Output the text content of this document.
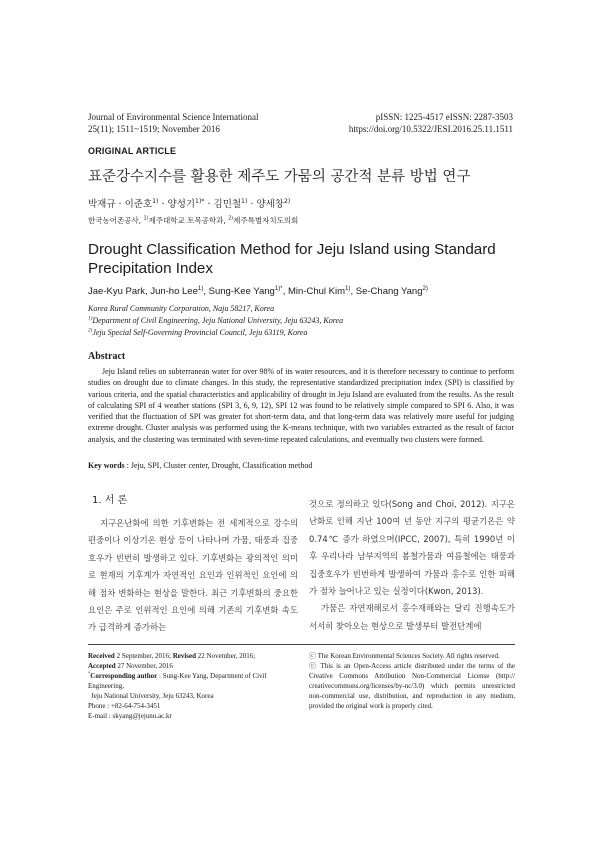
Journal of Environmental Science International
25(11); 1511~1519; November 2016
pISSN: 1225-4517 eISSN: 2287-3503
https://doi.org/10.5322/JESI.2016.25.11.1511
ORIGINAL ARTICLE
표준강수지수를 활용한 제주도 가뭄의 공간적 분류 방법 연구
박재규 · 이준호$^{1)}$ · 양성기$^{1)*}$ · 김민철$^{1)}$ · 양세창$^{2)}$
한국농어촌공사, $^{1)}$제주대학교 토목공학과, $^{2)}$제주특별자치도의회
Drought Classification Method for Jeju Island using Standard Precipitation Index
Jae-Kyu Park, Jun-ho Lee$^{1)}$, Sung-Kee Yang$^{1)*}$, Min-Chul Kim$^{1)}$, Se-Chang Yang$^{2)}$
Korea Rural Community Corporation, Naju 58217, Korea
$^{1)}$Department of Civil Engineering, Jeju National University, Jeju 63243, Korea
$^{2)}$Jeju Special Self-Governing Provincial Council, Jeju 63119, Korea
Abstract
Jeju Island relies on subterranean water for over 98% of its water resources, and it is therefore necessary to continue to perform studies on drought due to climate changes. In this study, the representative standardized precipitation index (SPI) is classified by various criteria, and the spatial characteristics and applicability of drought in Jeju Island are evaluated from the results. As the result of calculating SPI of 4 weather stations (SPI 3, 6, 9, 12), SPI 12 was found to be relatively simple compared to SPI 6. Also, it was verified that the fluctuation of SPI was greater fot short-term data, and that long-term data was relatively more useful for judging extreme drought. Cluster analysis was performed using the K-means technique, with two variables extracted as the result of factor analysis, and the clustering was terminated with seven-time repeated calculations, and eventually two clusters were formed.
Key words : Jeju, SPI, Cluster center, Drought, Classification method
1. 서 론
지구온난화에 의한 기후변화는 전 세계적으로 강수의 편중이나 이상기온 현상 등이 나타나며 가뭄, 태풍과 집중호우가 빈번히 발생하고 있다. 기후변화는 광의적인 의미로 현재의 기후계가 자연적인 요인과 인위적인 요인에 의해 점차 변화하는 현상을 말한다. 최근 기후변화의 중요한 요인은 주로 인위적인 요인에 의해 기존의 기후변화 속도가 급격하게 증가하는

것으로 정의하고 있다(Song and Choi, 2012). 지구온난화로 인해 지난 100여 년 동안 지구의 평균기온은 약 0.74℃ 증가 하였으며(IPCC, 2007), 특히 1990년 이후 우리나라 남부지역의 봄철가뭄과 여름철에는 태풍과 집중호우가 빈번하게 발생하여 가뭄과 홍수로 인한 피해가 점차 늘어나고 있는 실정이다(Kwon, 2013).

가뭄은 자연재해로서 홍수재해와는 달리 진행속도가 서서히 찾아오는 현상으로 발생부터 발전단계에

Received 2 September, 2016; Revised 22 November, 2016;
Accepted 27 November, 2016
*Corresponding author : Sung-Kee Yang, Department of Civil Engineering,
Jeju National University, Jeju 63243, Korea
Phone : +82-64-754-3451
E-mail : skyang@jejunu.ac.kr
ⓒ The Korean Environmental Sciences Society. All rights reserved.
ⓒ This is an Open-Access article distributed under the terms of the Creative Commons Attribution Non-Commercial License (http:// creativecommons.org/licenses/by-nc/3.0) which permits unrestricted non-commercial use, distribution, and reproduction in any medium, provided the original work is properly cited.
